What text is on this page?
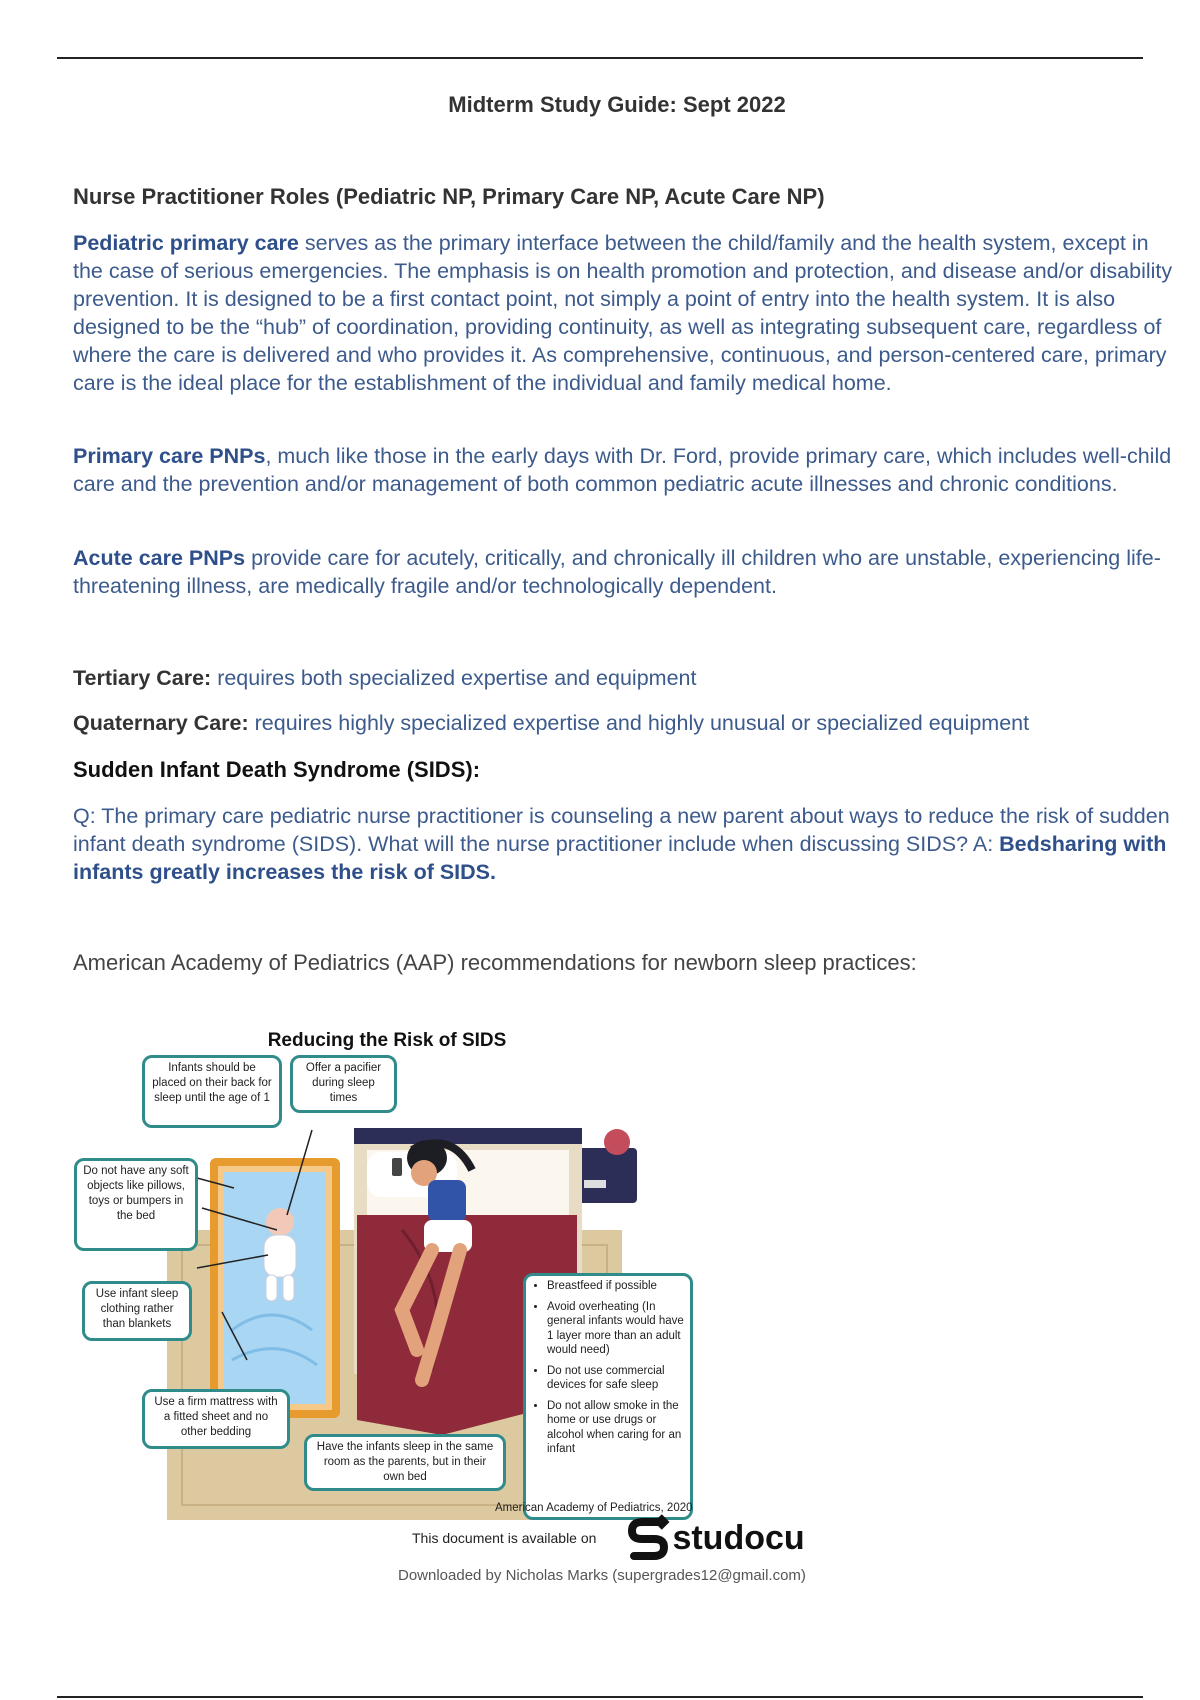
Midterm Study Guide: Sept 2022
Nurse Practitioner Roles (Pediatric NP, Primary Care NP, Acute Care NP)
Pediatric primary care serves as the primary interface between the child/family and the health system, except in the case of serious emergencies. The emphasis is on health promotion and protection, and disease and/or disability prevention. It is designed to be a first contact point, not simply a point of entry into the health system. It is also designed to be the “hub” of coordination, providing continuity, as well as integrating subsequent care, regardless of where the care is delivered and who provides it. As comprehensive, continuous, and person-centered care, primary care is the ideal place for the establishment of the individual and family medical home.
Primary care PNPs, much like those in the early days with Dr. Ford, provide primary care, which includes well-child care and the prevention and/or management of both common pediatric acute illnesses and chronic conditions.
Acute care PNPs provide care for acutely, critically, and chronically ill children who are unstable, experiencing life-threatening illness, are medically fragile and/or technologically dependent.
Tertiary Care: requires both specialized expertise and equipment
Quaternary Care: requires highly specialized expertise and highly unusual or specialized equipment
Sudden Infant Death Syndrome (SIDS):
Q: The primary care pediatric nurse practitioner is counseling a new parent about ways to reduce the risk of sudden infant death syndrome (SIDS). What will the nurse practitioner include when discussing SIDS? A: Bedsharing with infants greatly increases the risk of SIDS.
American Academy of Pediatrics (AAP) recommendations for newborn sleep practices:
Reducing the Risk of SIDS
Infants should be placed on their back for sleep until the age of 1
Offer a pacifier during sleep times
Do not have any soft objects like pillows, toys or bumpers in the bed
Use infant sleep clothing rather than blankets
Use a firm mattress with a fitted sheet and no other bedding
Have the infants sleep in the same room as the parents, but in their own bed
• Breastfeed if possible
• Avoid overheating (In general infants would have 1 layer more than an adult would need)
• Do not use commercial devices for safe sleep
• Do not allow smoke in the home or use drugs or alcohol when caring for an infant
American Academy of Pediatrics, 2020
This document is available on studocu
Downloaded by Nicholas Marks (supergrades12@gmail.com)
